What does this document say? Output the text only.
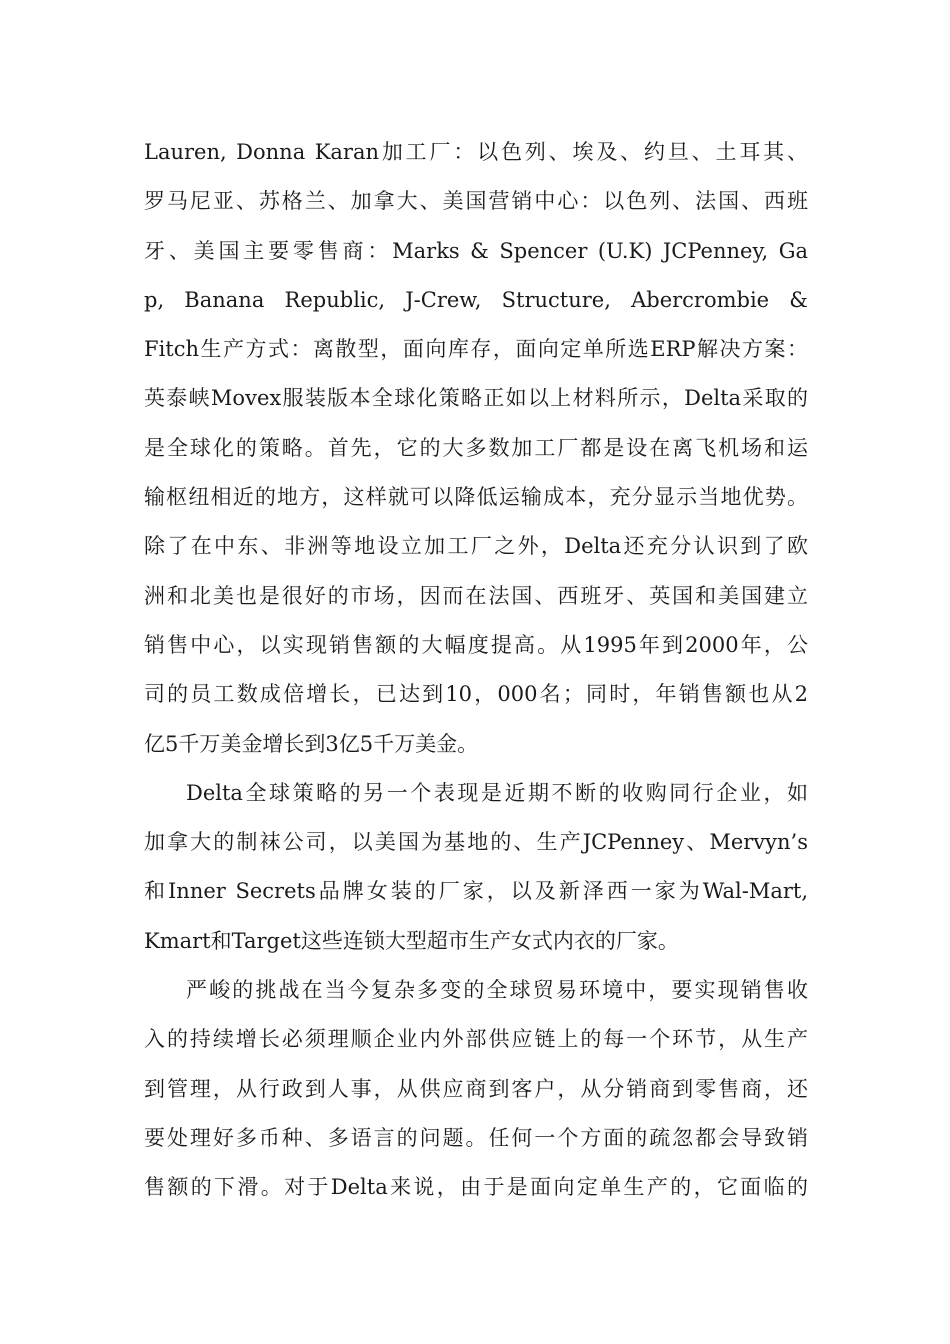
Lauren, Donna Karan加工厂：以色列、埃及、约旦、土耳其、
罗马尼亚、苏格兰、加拿大、美国营销中心：以色列、法国、西班
牙、美国主要零售商：Marks & Spencer (U.K) JCPenney, Ga
p, Banana Republic, J-Crew, Structure, Abercrombie &
Fitch生产方式：离散型，面向库存，面向定单所选ERP解决方案：
英泰峡Movex服装版本全球化策略正如以上材料所示，Delta采取的
是全球化的策略。首先，它的大多数加工厂都是设在离飞机场和运
输枢纽相近的地方，这样就可以降低运输成本，充分显示当地优势。
除了在中东、非洲等地设立加工厂之外，Delta还充分认识到了欧
洲和北美也是很好的市场，因而在法国、西班牙、英国和美国建立
销售中心，以实现销售额的大幅度提高。从1995年到2000年，公
司的员工数成倍增长，已达到10，000名；同时，年销售额也从2
亿5千万美金增长到3亿5千万美金。
Delta全球策略的另一个表现是近期不断的收购同行企业，如
加拿大的制袜公司，以美国为基地的、生产JCPenney、Mervyn’s
和Inner Secrets品牌女装的厂家，以及新泽西一家为Wal-Mart,
Kmart和Target这些连锁大型超市生产女式内衣的厂家。
严峻的挑战在当今复杂多变的全球贸易环境中，要实现销售收
入的持续增长必须理顺企业内外部供应链上的每一个环节，从生产
到管理，从行政到人事，从供应商到客户，从分销商到零售商，还
要处理好多币种、多语言的问题。任何一个方面的疏忽都会导致销
售额的下滑。对于Delta来说，由于是面向定单生产的，它面临的
